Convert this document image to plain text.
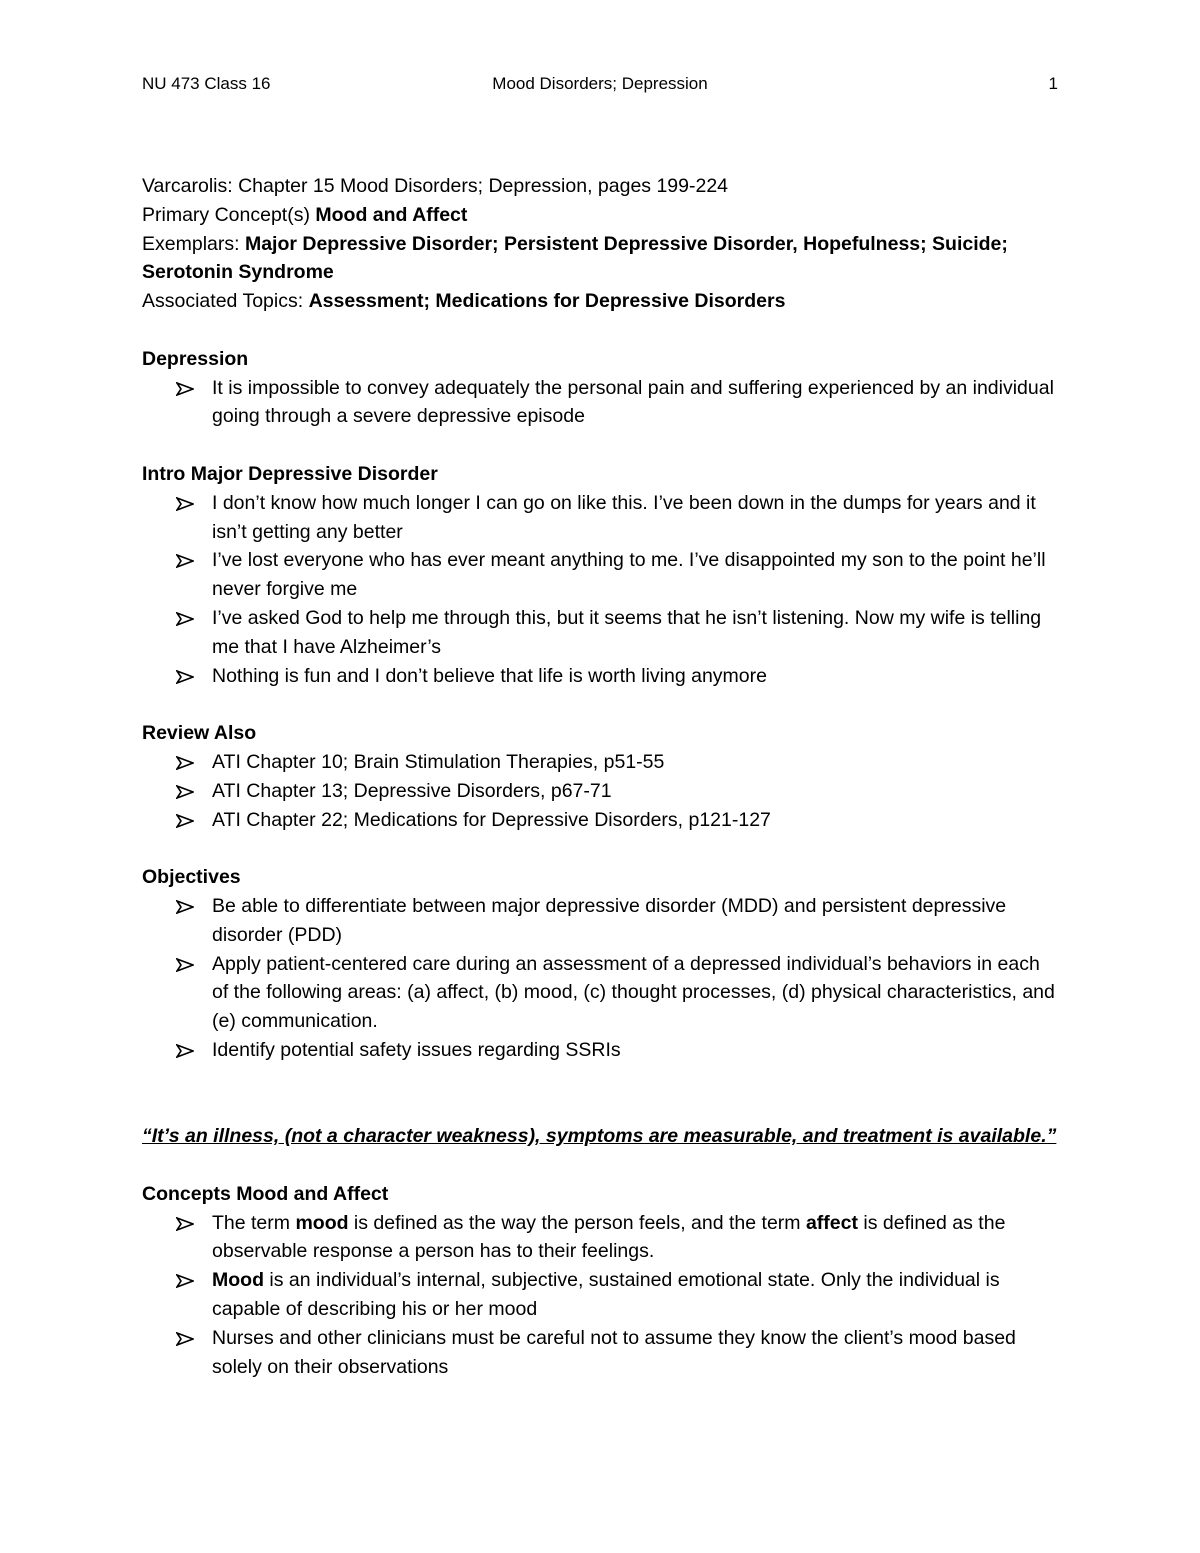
NU 473 Class 16	Mood Disorders; Depression	1

Varcarolis: Chapter 15 Mood Disorders; Depression, pages 199-224

Primary Concept(s) Mood and Affect

Exemplars: Major Depressive Disorder; Persistent Depressive Disorder, Hopefulness; Suicide; Serotonin Syndrome

Associated Topics: Assessment; Medications for Depressive Disorders

Depression

It is impossible to convey adequately the personal pain and suffering experienced by an individual going through a severe depressive episode

Intro Major Depressive Disorder

I don’t know how much longer I can go on like this. I’ve been down in the dumps for years and it isn’t getting any better
I’ve lost everyone who has ever meant anything to me. I’ve disappointed my son to the point he’ll never forgive me
I’ve asked God to help me through this, but it seems that he isn’t listening. Now my wife is telling me that I have Alzheimer’s
Nothing is fun and I don’t believe that life is worth living anymore

Review Also

ATI Chapter 10; Brain Stimulation Therapies, p51-55
ATI Chapter 13; Depressive Disorders, p67-71
ATI Chapter 22; Medications for Depressive Disorders, p121-127

Objectives

Be able to differentiate between major depressive disorder (MDD) and persistent depressive disorder (PDD)
Apply patient-centered care during an assessment of a depressed individual’s behaviors in each of the following areas: (a) affect, (b) mood, (c) thought processes, (d) physical characteristics, and (e) communication.
Identify potential safety issues regarding SSRIs

“It’s an illness, (not a character weakness), symptoms are measurable, and treatment is available.”

Concepts Mood and Affect

The term mood is defined as the way the person feels, and the term affect is defined as the observable response a person has to their feelings.
Mood is an individual’s internal, subjective, sustained emotional state. Only the individual is capable of describing his or her mood
Nurses and other clinicians must be careful not to assume they know the client’s mood based solely on their observations
